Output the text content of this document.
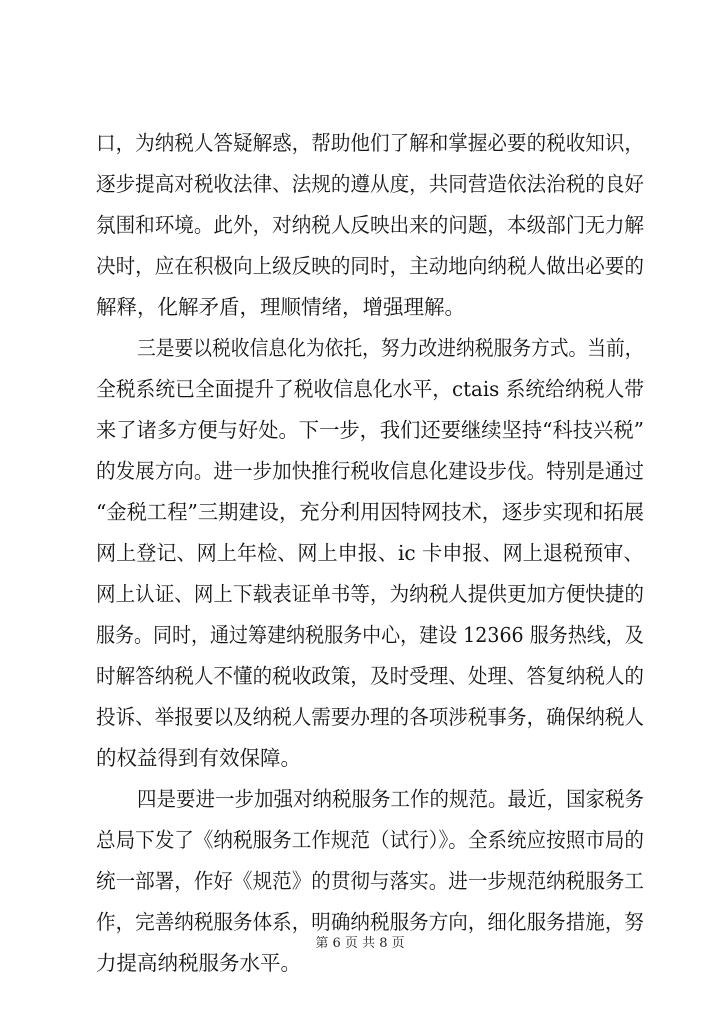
口，为纳税人答疑解惑，帮助他们了解和掌握必要的税收知识，
逐步提高对税收法律、法规的遵从度，共同营造依法治税的良好
氛围和环境。此外，对纳税人反映出来的问题，本级部门无力解
决时，应在积极向上级反映的同时，主动地向纳税人做出必要的
解释，化解矛盾，理顺情绪，增强理解。
三是要以税收信息化为依托，努力改进纳税服务方式。当前，
全税系统已全面提升了税收信息化水平，ctais 系统给纳税人带
来了诸多方便与好处。下一步，我们还要继续坚持“科技兴税”
的发展方向。进一步加快推行税收信息化建设步伐。特别是通过
“金税工程”三期建设，充分利用因特网技术，逐步实现和拓展
网上登记、网上年检、网上申报、ic 卡申报、网上退税预审、
网上认证、网上下载表证单书等，为纳税人提供更加方便快捷的
服务。同时，通过筹建纳税服务中心，建设 12366 服务热线，及
时解答纳税人不懂的税收政策，及时受理、处理、答复纳税人的
投诉、举报要以及纳税人需要办理的各项涉税事务，确保纳税人
的权益得到有效保障。
四是要进一步加强对纳税服务工作的规范。最近，国家税务
总局下发了《纳税服务工作规范（试行）》。全系统应按照市局的
统一部署，作好《规范》的贯彻与落实。进一步规范纳税服务工
作，完善纳税服务体系，明确纳税服务方向，细化服务措施，努
力提高纳税服务水平。
第 6 页 共 8 页
